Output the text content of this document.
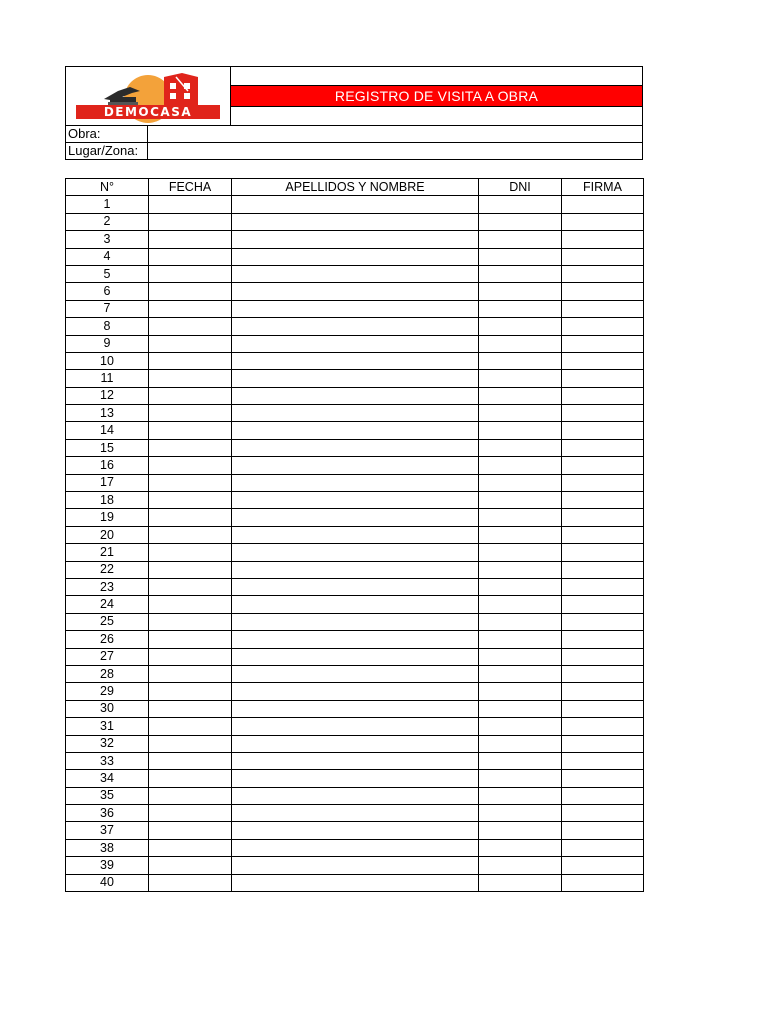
DEMOCASA
REGISTRO DE VISITA A OBRA
Obra:
Lugar/Zona:
N°	FECHA	APELLIDOS Y NOMBRE	DNI	FIRMA
1				
2				
3				
4				
5				
6				
7				
8				
9				
10				
11				
12				
13				
14				
15				
16				
17				
18				
19				
20				
21				
22				
23				
24				
25				
26				
27				
28				
29				
30				
31				
32				
33				
34				
35				
36				
37				
38				
39				
40				
